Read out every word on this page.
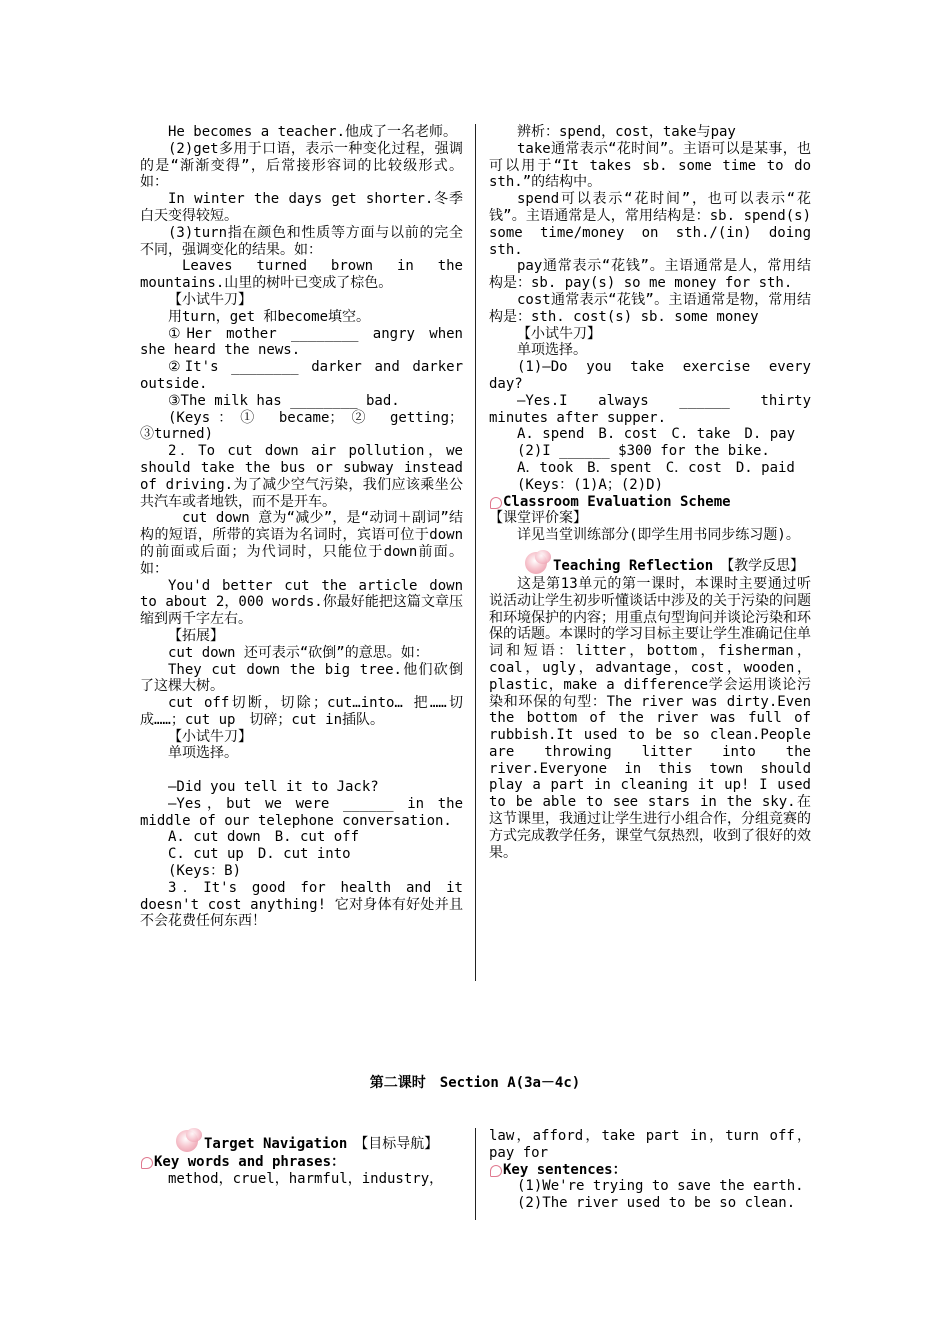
He becomes a teacher.他成了一名老师。

(2)get多用于口语，表示一种变化过程，强调的是“渐渐变得”，后常接形容词的比较级形式。如：

In winter the days get shorter.冬季白天变得较短。

(3)turn指在颜色和性质等方面与以前的完全不同，强调变化的结果。如：

Leaves turned brown in the mountains.山里的树叶已变成了棕色。

【小试牛刀】

用turn，get 和become填空。

①Her mother ________ angry when she heard the news.

②It's ________ darker and darker outside.

③The milk has ________ bad.

(Keys：① became；② getting；③turned)

2．To cut down air pollution，we should take the bus or subway instead of driving.为了减少空气污染，我们应该乘坐公共汽车或者地铁，而不是开车。

cut down 意为“减少”，是“动词＋副词”结构的短语，所带的宾语为名词时，宾语可位于down的前面或后面；为代词时，只能位于down前面。如：

You'd better cut the article down to about 2，000 words.你最好能把这篇文章压缩到两千字左右。

【拓展】

cut down 还可表示“砍倒”的意思。如：

They cut down the big tree.他们砍倒了这棵大树。

cut off切断，切除；cut…into… 把……切成……；cut up　切碎；cut in插队。

【小试牛刀】

单项选择。

—Did you tell it to Jack?

—Yes，but we were ______ in the middle of our telephone conversation.

A. cut down　B. cut off

C. cut up　D. cut into

(Keys：B)

3．It's good for health and it doesn't cost anything! 它对身体有好处并且不会花费任何东西！

辨析：spend，cost，take与pay

take通常表示“花时间”。主语可以是某事，也可以用于“It takes sb. some time to do sth.”的结构中。

spend可以表示“花时间”，也可以表示“花钱”。主语通常是人，常用结构是：sb. spend(s) some time/money on sth./(in) doing sth.

pay通常表示“花钱”。主语通常是人，常用结构是：sb. pay(s) so me money for sth.

cost通常表示“花钱”。主语通常是物，常用结构是：sth. cost(s) sb. some money

【小试牛刀】

单项选择。

(1)—Do you take exercise every day?

—Yes.I　always　______　thirty minutes after supper.

A. spend　B. cost　C. take　D. pay

(2)I ______ $300 for the bike.

A．took　B．spent　C．cost　D. paid

(Keys：(1)A；(2)D)

Classroom Evaluation Scheme

【课堂评价案】

详见当堂训练部分(即学生用书同步练习题)。

Teaching Reflection　 【教学反思】

这是第13单元的第一课时，本课时主要通过听说活动让学生初步听懂谈话中涉及的关于污染的问题和环境保护的内容；用重点句型询问并谈论污染和环保的话题。本课时的学习目标主要让学生准确记住单词和短语：litter，bottom，fisherman，coal，ugly，advantage，cost，wooden，plastic，make a difference学会运用谈论污染和环保的句型：The river was dirty.Even the bottom of the river was full of rubbish.It used to be so clean.People are throwing litter into the river.Everyone in this town should play a part in cleaning it up! I used to be able to see stars in the sky.在这节课里，我通过让学生进行小组合作，分组竞赛的方式完成教学任务，课堂气氛热烈，收到了很好的效果。

第二课时　Section A(3a－4c)

Target Navigation　 【目标导航】

Key words and phrases：

method，cruel，harmful，industry，

law，afford，take part in，turn off，pay for

Key sentences：

(1)We're trying to save the earth.

(2)The river used to be so clean.
